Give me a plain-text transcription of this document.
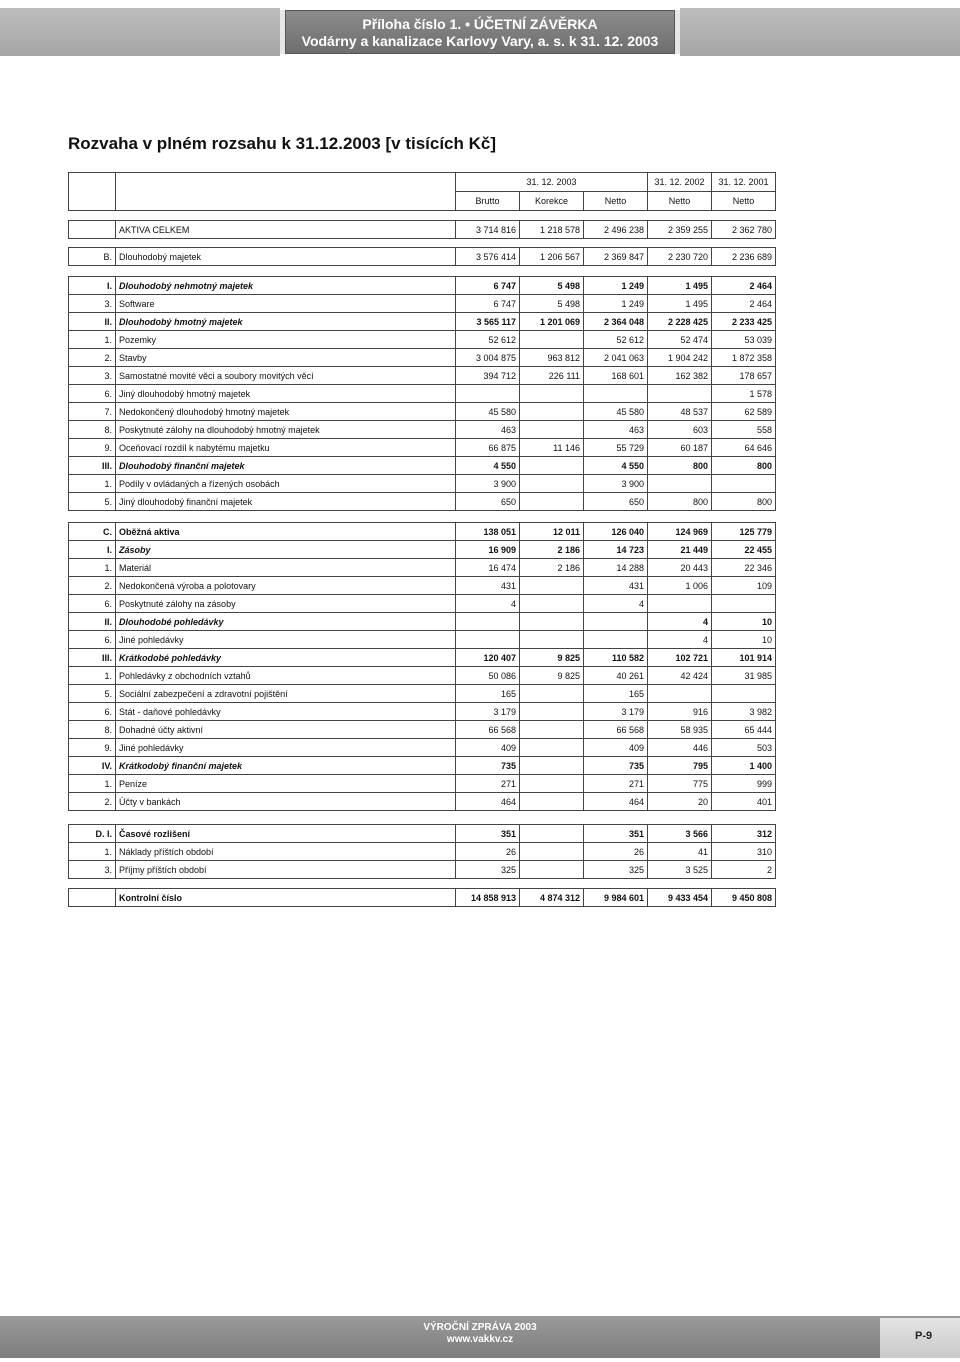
Příloha číslo 1. • ÚČETNÍ ZÁVĚRKA
Vodárny a kanalizace Karlovy Vary, a. s. k 31. 12. 2003
Rozvaha v plném rozsahu k 31.12.2003 [v tisících Kč]
		31. 12. 2003			31. 12. 2002	31. 12. 2001
		Brutto	Korekce	Netto	Netto	Netto
	AKTIVA CELKEM	3 714 816	1 218 578	2 496 238	2 359 255	2 362 780
B.	Dlouhodobý majetek	3 576 414	1 206 567	2 369 847	2 230 720	2 236 689
I.	Dlouhodobý nehmotný majetek	6 747	5 498	1 249	1 495	2 464
3.	Software	6 747	5 498	1 249	1 495	2 464
II.	Dlouhodobý hmotný majetek	3 565 117	1 201 069	2 364 048	2 228 425	2 233 425
1.	Pozemky	52 612		52 612	52 474	53 039
2.	Stavby	3 004 875	963 812	2 041 063	1 904 242	1 872 358
3.	Samostatné movité věci a soubory movitých věcí	394 712	226 111	168 601	162 382	178 657
6.	Jiný dlouhodobý hmotný majetek					1 578
7.	Nedokončený dlouhodobý hmotný majetek	45 580		45 580	48 537	62 589
8.	Poskytnuté zálohy na dlouhodobý hmotný majetek	463		463	603	558
9.	Oceňovací rozdíl k nabytému majetku	66 875	11 146	55 729	60 187	64 646
III.	Dlouhodobý finanční majetek	4 550		4 550	800	800
1.	Podíly v ovládaných a řízených osobách	3 900		3 900		
5.	Jiný dlouhodobý finanční majetek	650		650	800	800
C.	Oběžná aktiva	138 051	12 011	126 040	124 969	125 779
I.	Zásoby	16 909	2 186	14 723	21 449	22 455
1.	Materiál	16 474	2 186	14 288	20 443	22 346
2.	Nedokončená výroba a polotovary	431		431	1 006	109
6.	Poskytnuté zálohy na zásoby	4		4		
II.	Dlouhodobé pohledávky				4	10
6.	Jiné pohledávky				4	10
III.	Krátkodobé pohledávky	120 407	9 825	110 582	102 721	101 914
1.	Pohledávky z obchodních vztahů	50 086	9 825	40 261	42 424	31 985
5.	Sociální zabezpečení a zdravotní pojištění	165		165		
6.	Stát - daňové pohledávky	3 179		3 179	916	3 982
8.	Dohadné účty aktivní	66 568		66 568	58 935	65 444
9.	Jiné pohledávky	409		409	446	503
IV.	Krátkodobý finanční majetek	735		735	795	1 400
1.	Peníze	271		271	775	999
2.	Účty v bankách	464		464	20	401
D. I.	Časové rozlišení	351		351	3 566	312
1.	Náklady příštích období	26		26	41	310
3.	Příjmy příštích období	325		325	3 525	2
	Kontrolní číslo	14 858 913	4 874 312	9 984 601	9 433 454	9 450 808
VÝROČNÍ ZPRÁVA 2003
www.vakkv.cz	P-9
